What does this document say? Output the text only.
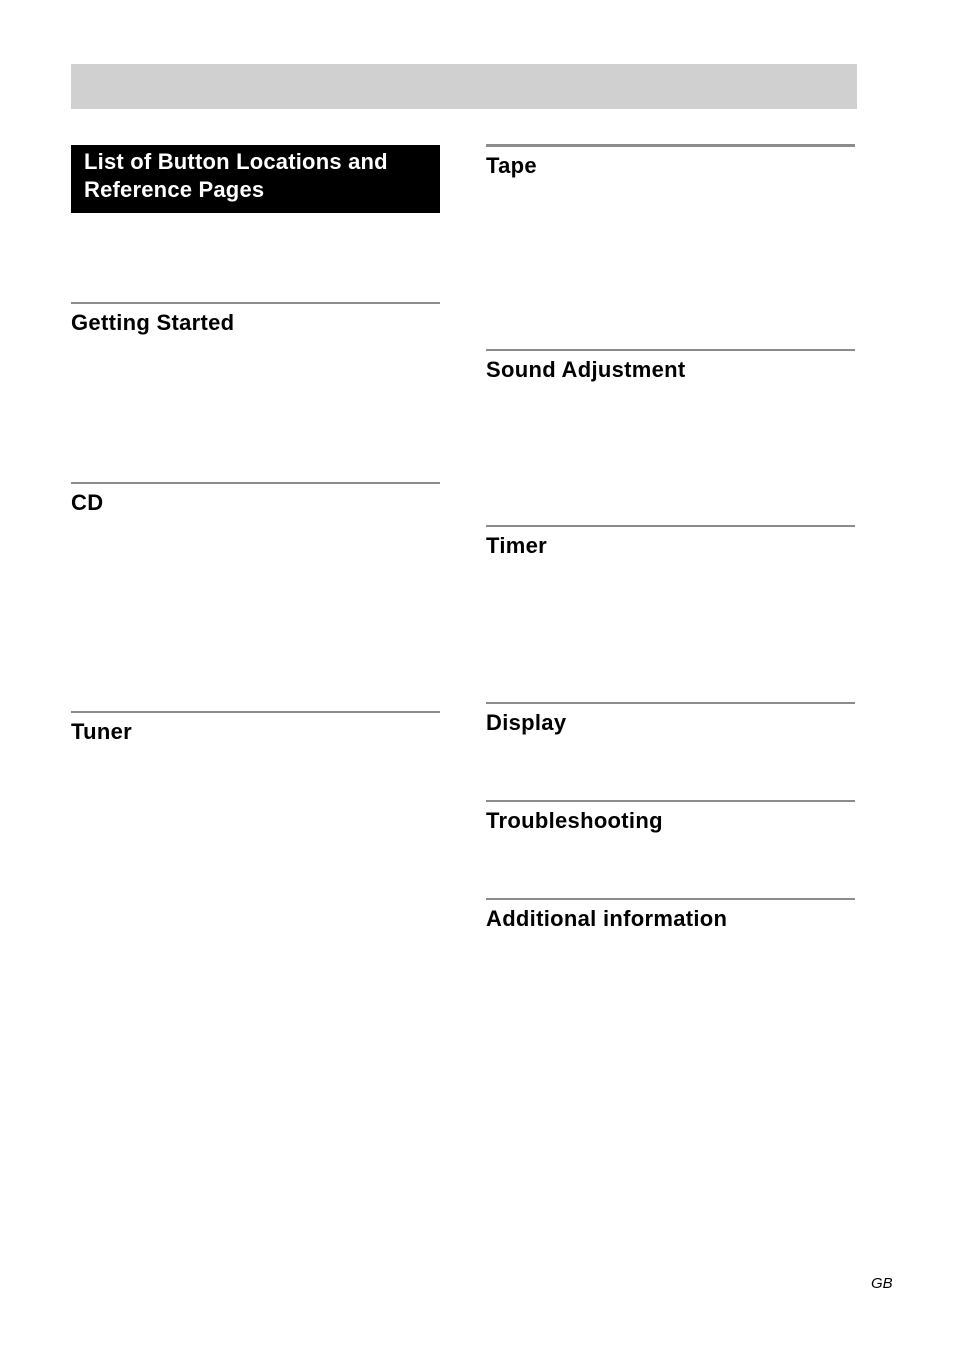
List of Button Locations and Reference Pages
Getting Started
CD
Tuner
Tape
Sound Adjustment
Timer
Display
Troubleshooting
Additional information
GB
